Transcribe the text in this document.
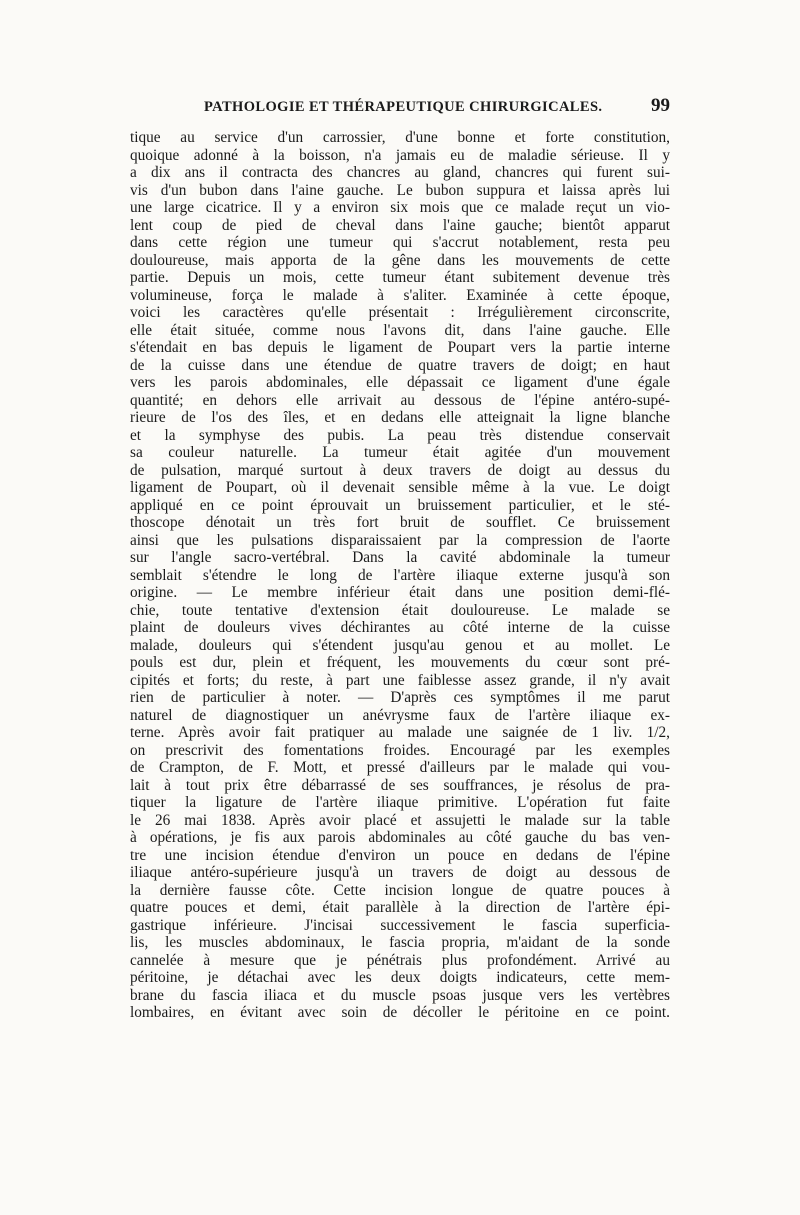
PATHOLOGIE ET THÉRAPEUTIQUE CHIRURGICALES.	99
tique au service d'un carrossier, d'une bonne et forte constitution,
quoique adonné à la boisson, n'a jamais eu de maladie sérieuse. Il y
a dix ans il contracta des chancres au gland, chancres qui furent sui-
vis d'un bubon dans l'aine gauche. Le bubon suppura et laissa après lui
une large cicatrice. Il y a environ six mois que ce malade reçut un vio-
lent coup de pied de cheval dans l'aine gauche; bientôt apparut
dans cette région une tumeur qui s'accrut notablement, resta peu
douloureuse, mais apporta de la gêne dans les mouvements de cette
partie. Depuis un mois, cette tumeur étant subitement devenue très
volumineuse, força le malade à s'aliter. Examinée à cette époque,
voici les caractères qu'elle présentait : Irrégulièrement circonscrite,
elle était située, comme nous l'avons dit, dans l'aine gauche. Elle
s'étendait en bas depuis le ligament de Poupart vers la partie interne
de la cuisse dans une étendue de quatre travers de doigt; en haut
vers les parois abdominales, elle dépassait ce ligament d'une égale
quantité; en dehors elle arrivait au dessous de l'épine antéro-supé-
rieure de l'os des îles, et en dedans elle atteignait la ligne blanche
et la symphyse des pubis. La peau très distendue conservait
sa couleur naturelle. La tumeur était agitée d'un mouvement
de pulsation, marqué surtout à deux travers de doigt au dessus du
ligament de Poupart, où il devenait sensible même à la vue. Le doigt
appliqué en ce point éprouvait un bruissement particulier, et le sté-
thoscope dénotait un très fort bruit de soufflet. Ce bruissement
ainsi que les pulsations disparaissaient par la compression de l'aorte
sur l'angle sacro-vertébral. Dans la cavité abdominale la tumeur
semblait s'étendre le long de l'artère iliaque externe jusqu'à son
origine. — Le membre inférieur était dans une position demi-flé-
chie, toute tentative d'extension était douloureuse. Le malade se
plaint de douleurs vives déchirantes au côté interne de la cuisse
malade, douleurs qui s'étendent jusqu'au genou et au mollet. Le
pouls est dur, plein et fréquent, les mouvements du cœur sont pré-
cipités et forts; du reste, à part une faiblesse assez grande, il n'y avait
rien de particulier à noter. — D'après ces symptômes il me parut
naturel de diagnostiquer un anévrysme faux de l'artère iliaque ex-
terne. Après avoir fait pratiquer au malade une saignée de 1 liv. 1/2,
on prescrivit des fomentations froides. Encouragé par les exemples
de Crampton, de F. Mott, et pressé d'ailleurs par le malade qui vou-
lait à tout prix être débarrassé de ses souffrances, je résolus de pra-
tiquer la ligature de l'artère iliaque primitive. L'opération fut faite
le 26 mai 1838. Après avoir placé et assujetti le malade sur la table
à opérations, je fis aux parois abdominales au côté gauche du bas ven-
tre une incision étendue d'environ un pouce en dedans de l'épine
iliaque antéro-supérieure jusqu'à un travers de doigt au dessous de
la dernière fausse côte. Cette incision longue de quatre pouces à
quatre pouces et demi, était parallèle à la direction de l'artère épi-
gastrique inférieure. J'incisai successivement le fascia superficia-
lis, les muscles abdominaux, le fascia propria, m'aidant de la sonde
cannelée à mesure que je pénétrais plus profondément. Arrivé au
péritoine, je détachai avec les deux doigts indicateurs, cette mem-
brane du fascia iliaca et du muscle psoas jusque vers les vertèbres
lombaires, en évitant avec soin de décoller le péritoine en ce point.
